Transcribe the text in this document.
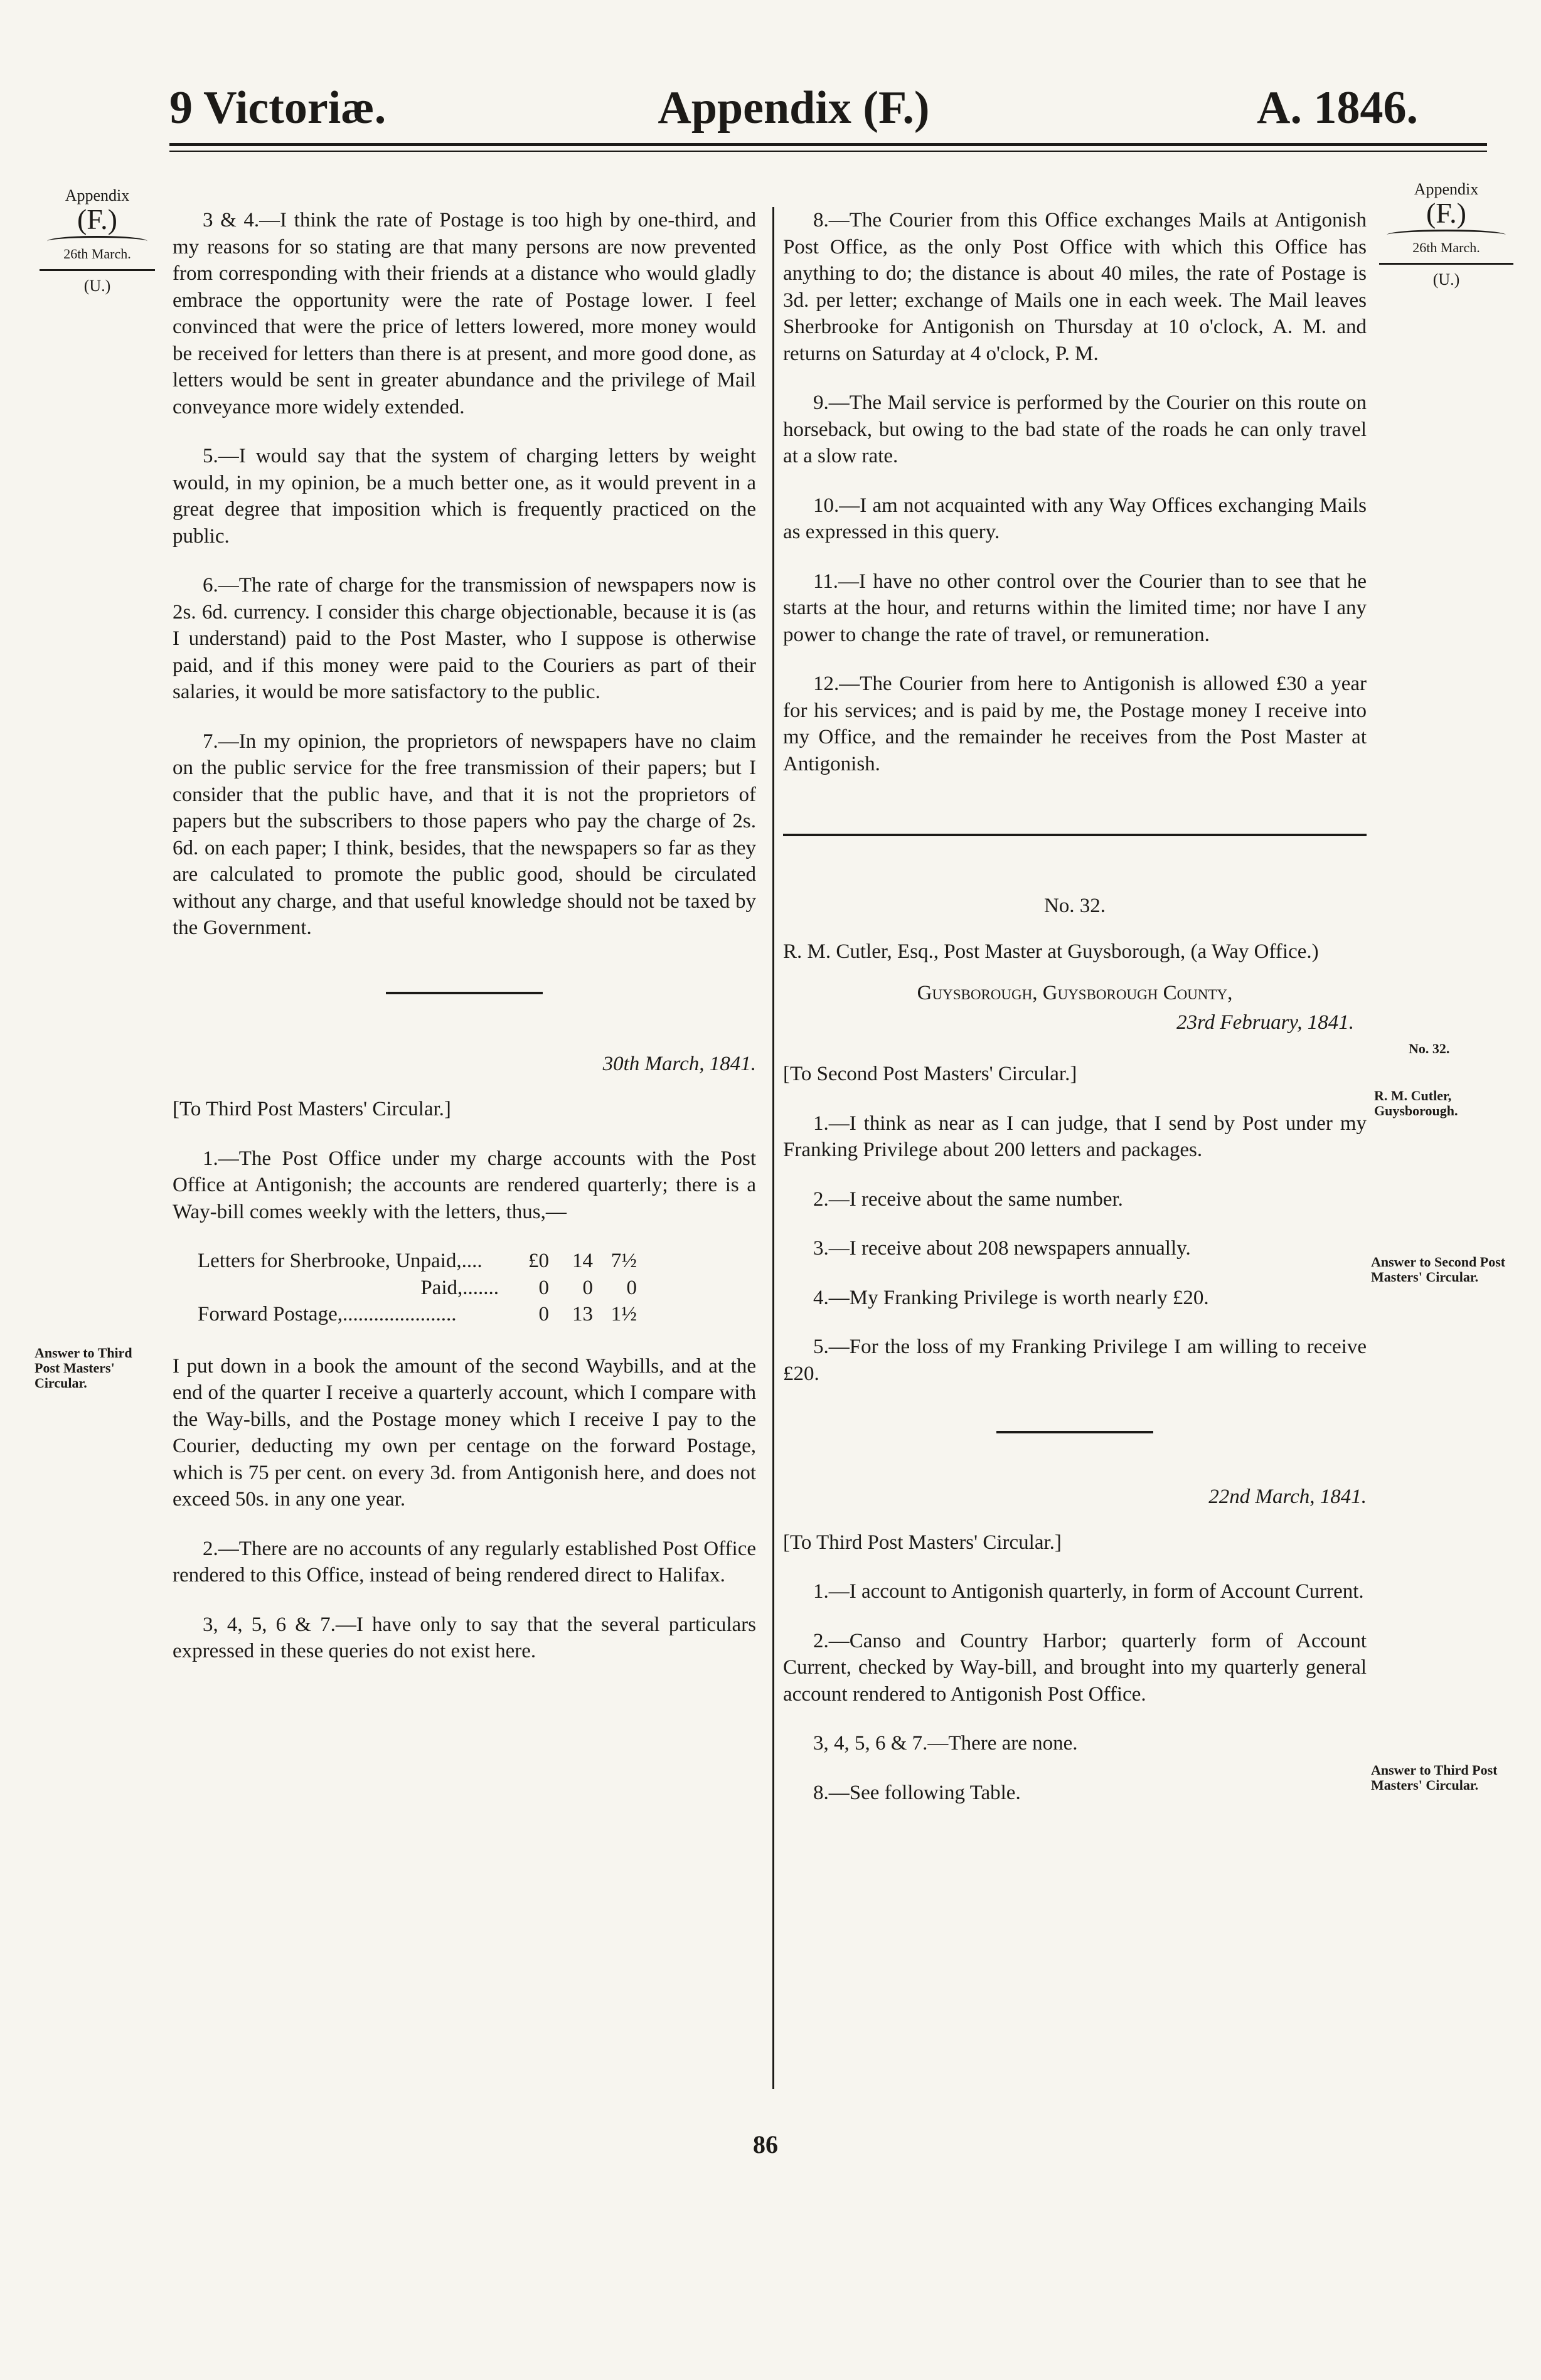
9 Victoriæ.	Appendix (F.)	A. 1846.
Appendix
(F.)
26th March.
(U.)
Answer to Third Post Masters' Circular.
Appendix
(F.)
26th March.
(U.)
No. 32.
R. M. Cutler, Guysborough.
Answer to Second Post Masters' Circular.
Answer to Third Post Masters' Circular.

3 & 4.—I think the rate of Postage is too high by one-third, and my reasons for so stating are that many persons are now prevented from corresponding with their friends at a distance who would gladly embrace the opportunity were the rate of Postage lower. I feel convinced that were the price of letters lowered, more money would be received for letters than there is at present, and more good done, as letters would be sent in greater abundance and the privilege of Mail conveyance more widely extended.

5.—I would say that the system of charging letters by weight would, in my opinion, be a much better one, as it would prevent in a great degree that imposition which is frequently practiced on the public.

6.—The rate of charge for the transmission of newspapers now is 2s. 6d. currency. I consider this charge objectionable, because it is (as I understand) paid to the Post Master, who I suppose is otherwise paid, and if this money were paid to the Couriers as part of their salaries, it would be more satisfactory to the public.

7.—In my opinion, the proprietors of newspapers have no claim on the public service for the free transmission of their papers; but I consider that the public have, and that it is not the proprietors of papers but the subscribers to those papers who pay the charge of 2s. 6d. on each paper; I think, besides, that the newspapers so far as they are calculated to promote the public good, should be circulated without any charge, and that useful knowledge should not be taxed by the Government.

30th March, 1841.

[To Third Post Masters' Circular.]

1.—The Post Office under my charge accounts with the Post Office at Antigonish; the accounts are rendered quarterly; there is a Way-bill comes weekly with the letters, thus,—

Letters for Sherbrooke, Unpaid,....	£0	14	7½
Paid,.......	0	0	0
Forward Postage,......................	0	13	1½

I put down in a book the amount of the second Waybills, and at the end of the quarter I receive a quarterly account, which I compare with the Way-bills, and the Postage money which I receive I pay to the Courier, deducting my own per centage on the forward Postage, which is 75 per cent. on every 3d. from Antigonish here, and does not exceed 50s. in any one year.

2.—There are no accounts of any regularly established Post Office rendered to this Office, instead of being rendered direct to Halifax.

3, 4, 5, 6 & 7.—I have only to say that the several particulars expressed in these queries do not exist here.

8.—The Courier from this Office exchanges Mails at Antigonish Post Office, as the only Post Office with which this Office has anything to do; the distance is about 40 miles, the rate of Postage is 3d. per letter; exchange of Mails one in each week. The Mail leaves Sherbrooke for Antigonish on Thursday at 10 o'clock, A. M. and returns on Saturday at 4 o'clock, P. M.

9.—The Mail service is performed by the Courier on this route on horseback, but owing to the bad state of the roads he can only travel at a slow rate.

10.—I am not acquainted with any Way Offices exchanging Mails as expressed in this query.

11.—I have no other control over the Courier than to see that he starts at the hour, and returns within the limited time; nor have I any power to change the rate of travel, or remuneration.

12.—The Courier from here to Antigonish is allowed £30 a year for his services; and is paid by me, the Postage money I receive into my Office, and the remainder he receives from the Post Master at Antigonish.

No. 32.

R. M. Cutler, Esq., Post Master at Guysborough, (a Way Office.)

Guysborough, Guysborough County,

23rd February, 1841.

[To Second Post Masters' Circular.]

1.—I think as near as I can judge, that I send by Post under my Franking Privilege about 200 letters and packages.

2.—I receive about the same number.

3.—I receive about 208 newspapers annually.

4.—My Franking Privilege is worth nearly £20.

5.—For the loss of my Franking Privilege I am willing to receive £20.

22nd March, 1841.

[To Third Post Masters' Circular.]

1.—I account to Antigonish quarterly, in form of Account Current.

2.—Canso and Country Harbor; quarterly form of Account Current, checked by Way-bill, and brought into my quarterly general account rendered to Antigonish Post Office.

3, 4, 5, 6 & 7.—There are none.

8.—See following Table.

86
